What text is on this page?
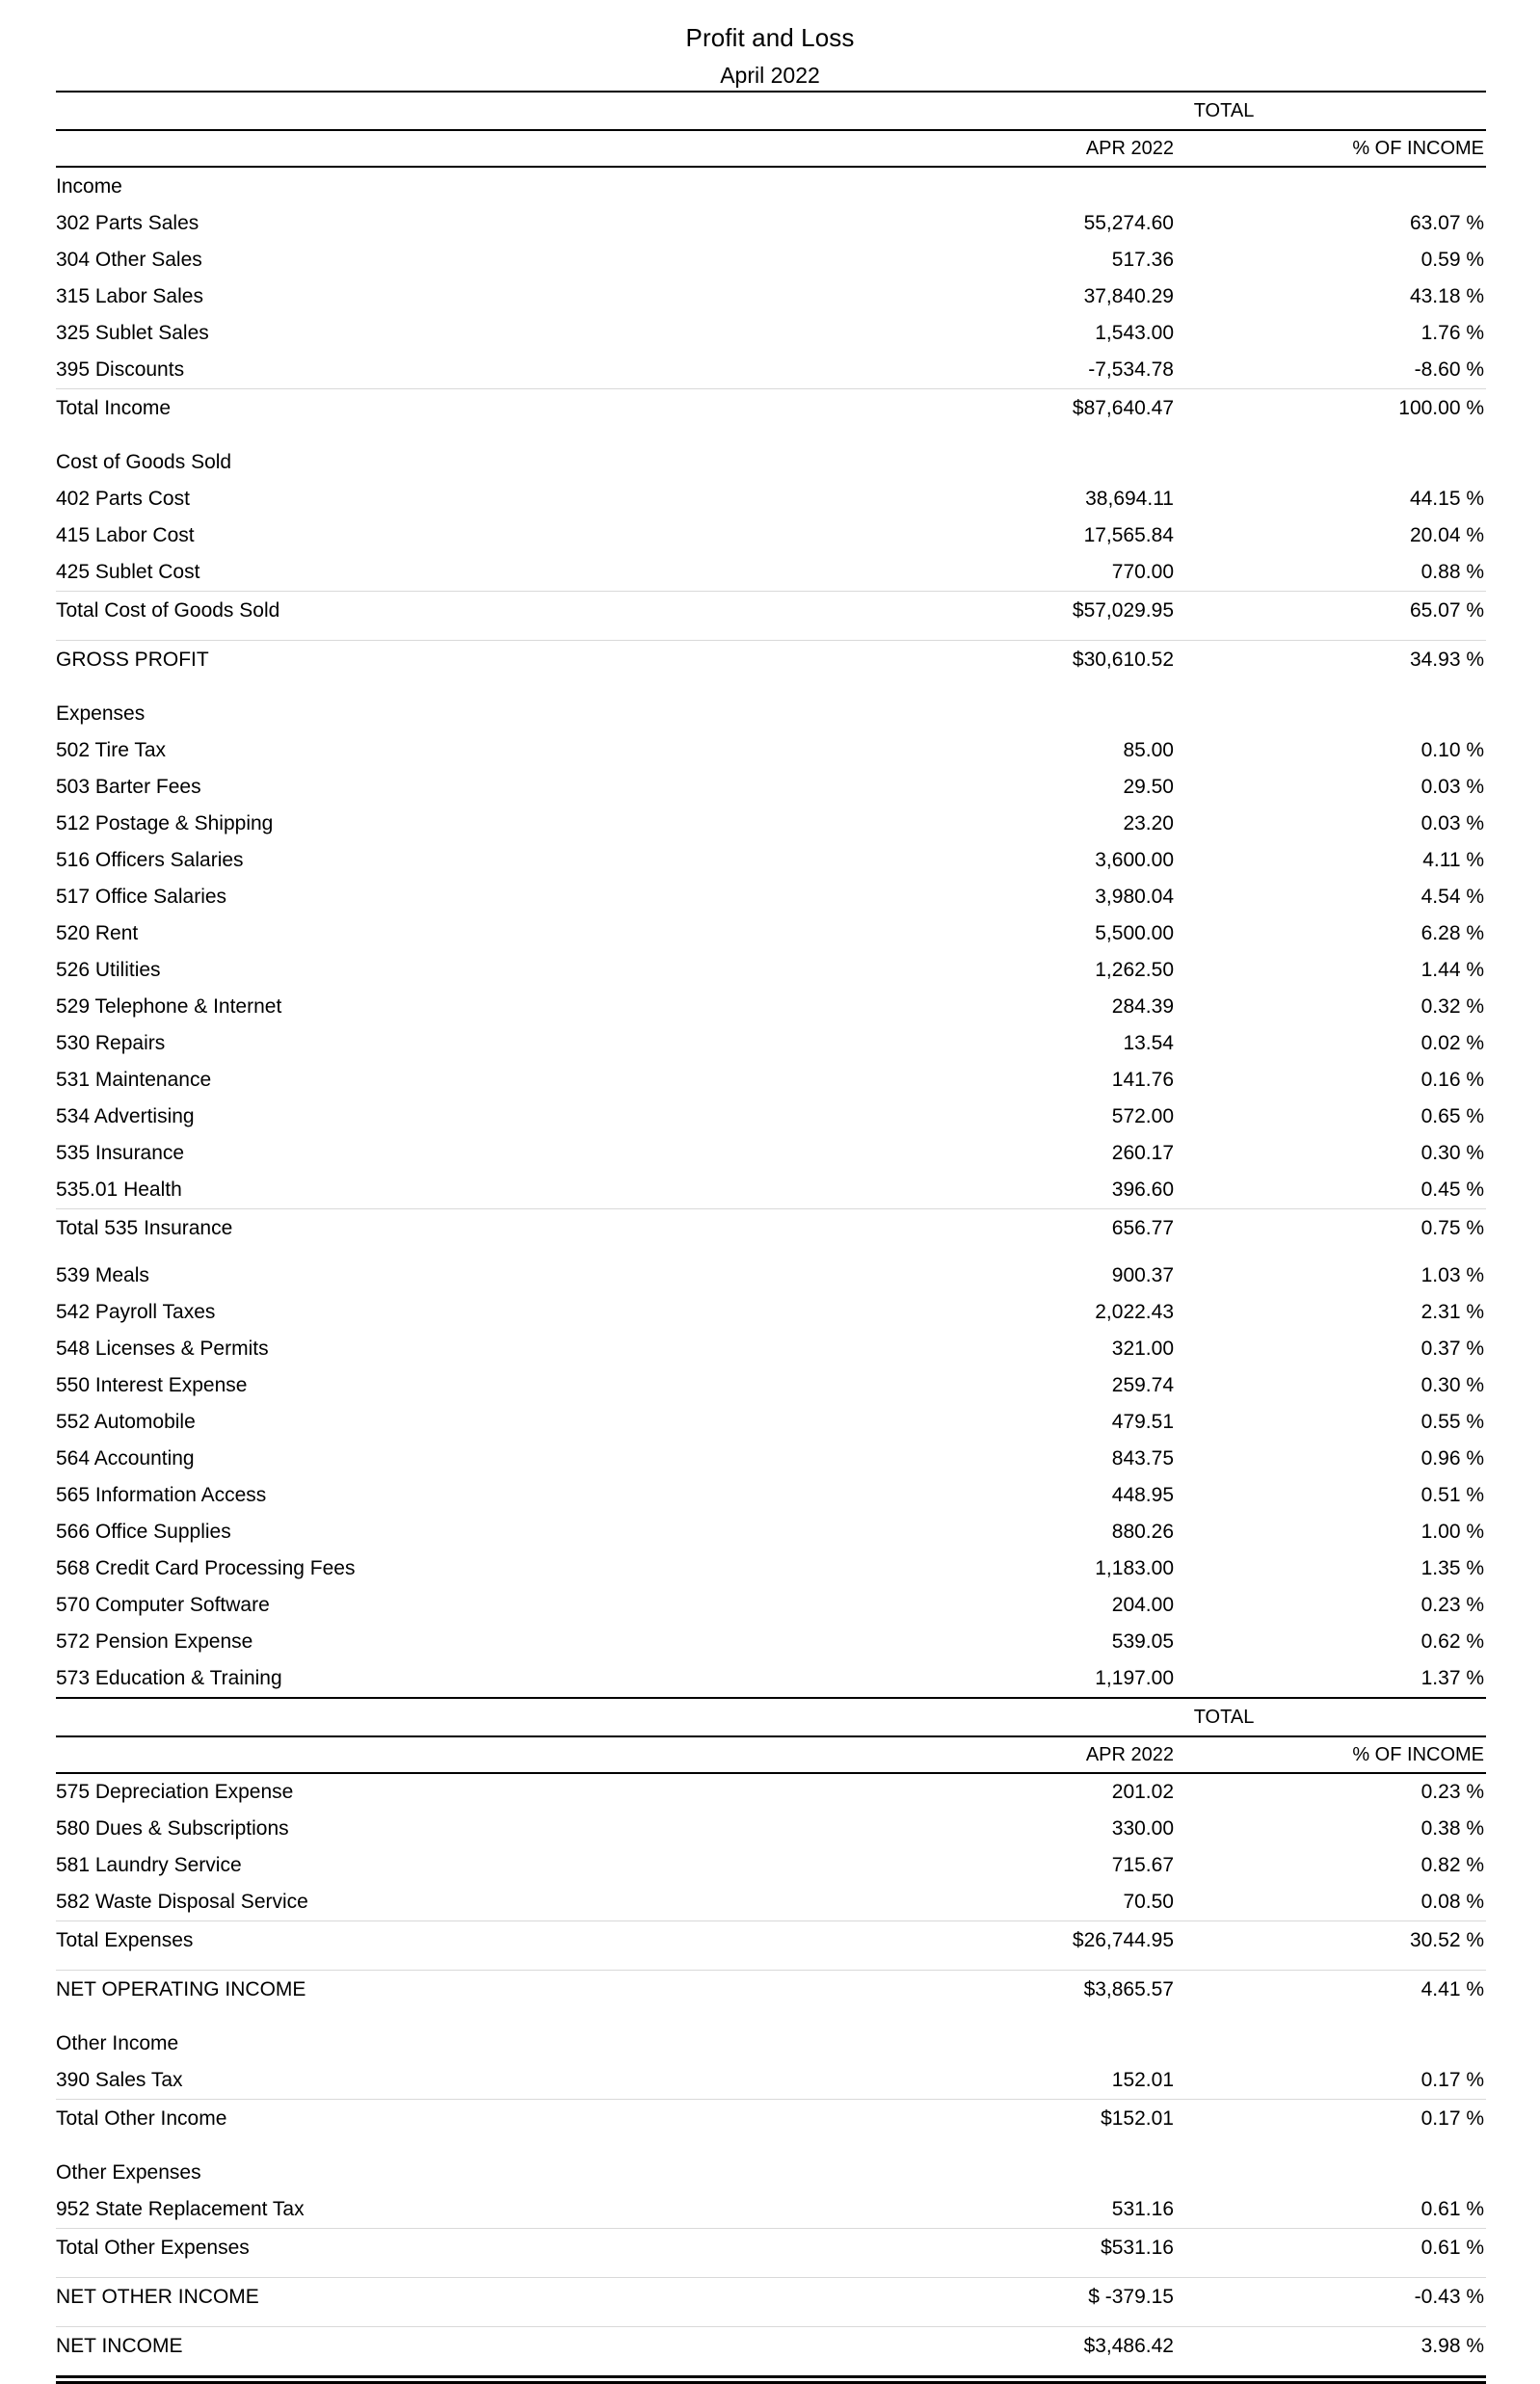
Profit and Loss
April 2022
	TOTAL	
	APR 2022	% OF INCOME
Income		
302 Parts Sales	55,274.60	63.07 %
304 Other Sales	517.36	0.59 %
315 Labor Sales	37,840.29	43.18 %
325 Sublet Sales	1,543.00	1.76 %
395 Discounts	-7,534.78	-8.60 %
Total Income	$87,640.47	100.00 %

Cost of Goods Sold		
402 Parts Cost	38,694.11	44.15 %
415 Labor Cost	17,565.84	20.04 %
425 Sublet Cost	770.00	0.88 %
Total Cost of Goods Sold	$57,029.95	65.07 %

GROSS PROFIT	$30,610.52	34.93 %

Expenses		
502 Tire Tax	85.00	0.10 %
503 Barter Fees	29.50	0.03 %
512 Postage & Shipping	23.20	0.03 %
516 Officers Salaries	3,600.00	4.11 %
517 Office Salaries	3,980.04	4.54 %
520 Rent	5,500.00	6.28 %
526 Utilities	1,262.50	1.44 %
529 Telephone & Internet	284.39	0.32 %
530 Repairs	13.54	0.02 %
531 Maintenance	141.76	0.16 %
534 Advertising	572.00	0.65 %
535 Insurance	260.17	0.30 %
535.01 Health	396.60	0.45 %
Total 535 Insurance	656.77	0.75 %

539 Meals	900.37	1.03 %
542 Payroll Taxes	2,022.43	2.31 %
548 Licenses & Permits	321.00	0.37 %
550 Interest Expense	259.74	0.30 %
552 Automobile	479.51	0.55 %
564 Accounting	843.75	0.96 %
565 Information Access	448.95	0.51 %
566 Office Supplies	880.26	1.00 %
568 Credit Card Processing Fees	1,183.00	1.35 %
570 Computer Software	204.00	0.23 %
572 Pension Expense	539.05	0.62 %
573 Education & Training	1,197.00	1.37 %
	TOTAL	
	APR 2022	% OF INCOME
575 Depreciation Expense	201.02	0.23 %
580 Dues & Subscriptions	330.00	0.38 %
581 Laundry Service	715.67	0.82 %
582 Waste Disposal Service	70.50	0.08 %
Total Expenses	$26,744.95	30.52 %

NET OPERATING INCOME	$3,865.57	4.41 %

Other Income		
390 Sales Tax	152.01	0.17 %
Total Other Income	$152.01	0.17 %

Other Expenses		
952 State Replacement Tax	531.16	0.61 %
Total Other Expenses	$531.16	0.61 %

NET OTHER INCOME	$ -379.15	-0.43 %

NET INCOME	$3,486.42	3.98 %
